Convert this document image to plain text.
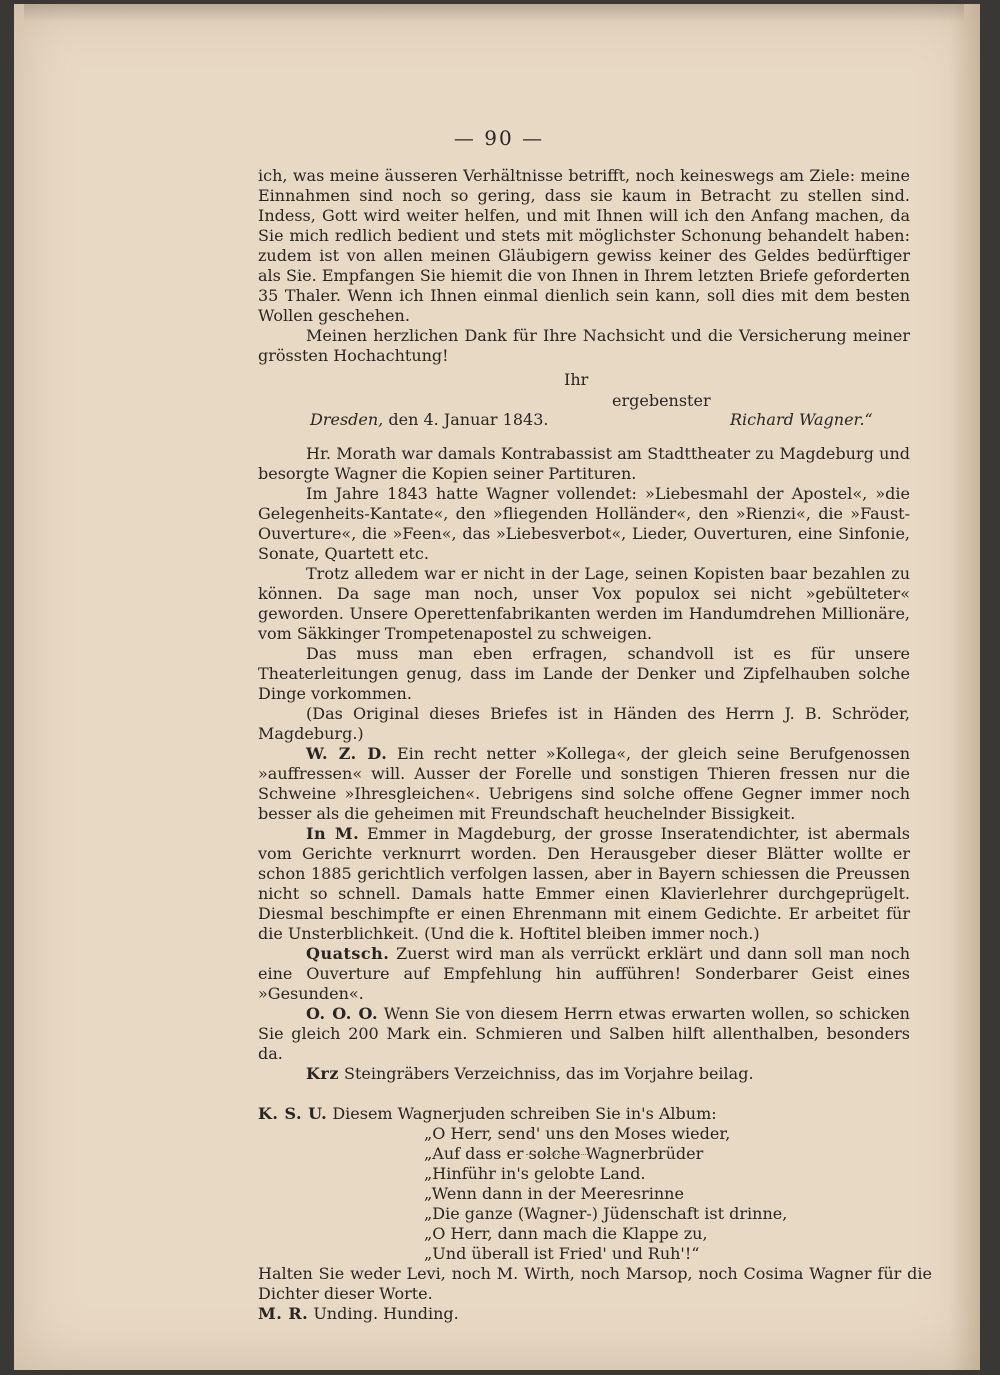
— 90 —

ich, was meine äusseren Verhältnisse betrifft, noch keineswegs am Ziele: meine Einnahmen sind noch so gering, dass sie kaum in Betracht zu stellen sind. Indess, Gott wird weiter helfen, und mit Ihnen will ich den Anfang machen, da Sie mich redlich bedient und stets mit möglichster Schonung behandelt haben: zudem ist von allen meinen Gläubigern gewiss keiner des Geldes bedürftiger als Sie. Empfangen Sie hiemit die von Ihnen in Ihrem letzten Briefe geforderten 35 Thaler. Wenn ich Ihnen einmal dienlich sein kann, soll dies mit dem besten Wollen geschehen.

Meinen herzlichen Dank für Ihre Nachsicht und die Versicherung meiner grössten Hochachtung!

Ihr
ergebenster
Dresden, den 4. Januar 1843.	Richard Wagner.“

Hr. Morath war damals Kontrabassist am Stadttheater zu Magdeburg und besorgte Wagner die Kopien seiner Partituren.

Im Jahre 1843 hatte Wagner vollendet: »Liebesmahl der Apostel«, »die Gelegenheits-Kantate«, den »fliegenden Holländer«, den »Rienzi«, die »Faust-Ouverture«, die »Feen«, das »Liebesverbot«, Lieder, Ouverturen, eine Sinfonie, Sonate, Quartett etc.

Trotz alledem war er nicht in der Lage, seinen Kopisten baar bezahlen zu können. Da sage man noch, unser Vox populox sei nicht »gebülteter« geworden. Unsere Operettenfabrikanten werden im Handumdrehen Millionäre, vom Säkkinger Trompetenapostel zu schweigen.

Das muss man eben erfragen, schandvoll ist es für unsere Theaterleitungen genug, dass im Lande der Denker und Zipfelhauben solche Dinge vorkommen.

(Das Original dieses Briefes ist in Händen des Herrn J. B. Schröder, Magdeburg.)

W. Z. D. Ein recht netter »Kollega«, der gleich seine Berufgenossen »auffressen« will. Ausser der Forelle und sonstigen Thieren fressen nur die Schweine »Ihresgleichen«. Uebrigens sind solche offene Gegner immer noch besser als die geheimen mit Freundschaft heuchelnder Bissigkeit.

In M. Emmer in Magdeburg, der grosse Inseratendichter, ist abermals vom Gerichte verknurrt worden. Den Herausgeber dieser Blätter wollte er schon 1885 gerichtlich verfolgen lassen, aber in Bayern schiessen die Preussen nicht so schnell. Damals hatte Emmer einen Klavierlehrer durchgeprügelt. Diesmal beschimpfte er einen Ehrenmann mit einem Gedichte. Er arbeitet für die Unsterblichkeit. (Und die k. Hoftitel bleiben immer noch.)

Quatsch. Zuerst wird man als verrückt erklärt und dann soll man noch eine Ouverture auf Empfehlung hin aufführen! Sonderbarer Geist eines »Gesunden«.

O. O. O. Wenn Sie von diesem Herrn etwas erwarten wollen, so schicken Sie gleich 200 Mark ein. Schmieren und Salben hilft allenthalben, besonders da.

Krz Steingräbers Verzeichniss, das im Vorjahre beilag.

K. S. U. Diesem Wagnerjuden schreiben Sie in's Album:

„O Herr, send' uns den Moses wieder,

„Auf dass er solche Wagnerbrüder

„Hinführ in's gelobte Land.

„Wenn dann in der Meeresrinne

„Die ganze (Wagner-) Jüdenschaft ist drinne,

„O Herr, dann mach die Klappe zu,

„Und überall ist Fried' und Ruh'!“

Halten Sie weder Levi, noch M. Wirth, noch Marsop, noch Cosima Wagner für die Dichter dieser Worte.

M. R. Unding. Hunding.
